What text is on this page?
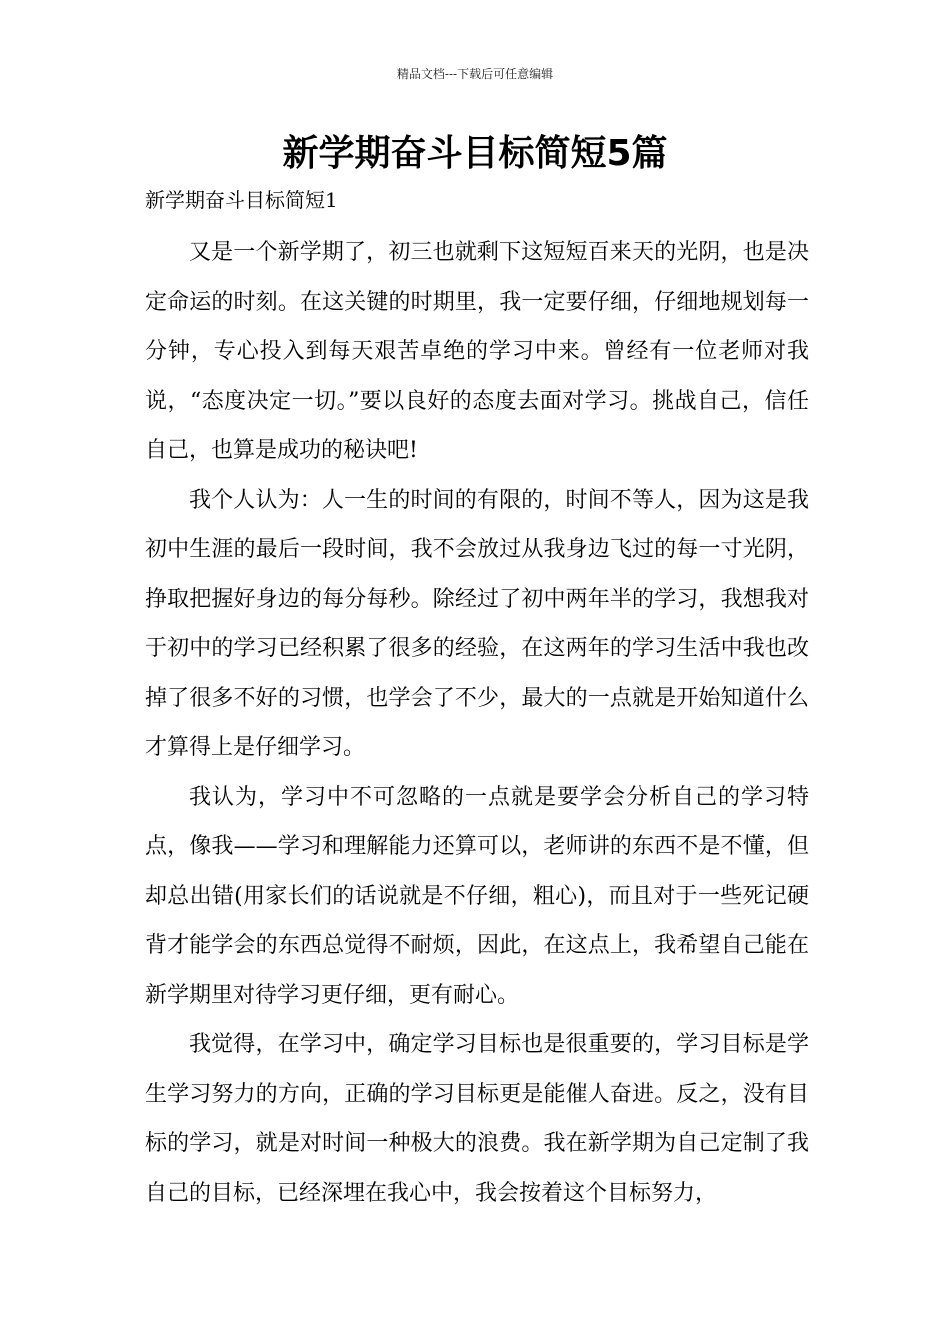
精品文档---下载后可任意编辑
新学期奋斗目标简短5篇

新学期奋斗目标简短1

又是一个新学期了，初三也就剩下这短短百来天的光阴，也是决定命运的时刻。在这关键的时期里，我一定要仔细，仔细地规划每一分钟，专心投入到每天艰苦卓绝的学习中来。曾经有一位老师对我说，“态度决定一切。”要以良好的态度去面对学习。挑战自己，信任自己，也算是成功的秘诀吧!

我个人认为：人一生的时间的有限的，时间不等人，因为这是我初中生涯的最后一段时间，我不会放过从我身边飞过的每一寸光阴，挣取把握好身边的每分每秒。除经过了初中两年半的学习，我想我对于初中的学习已经积累了很多的经验，在这两年的学习生活中我也改掉了很多不好的习惯，也学会了不少，最大的一点就是开始知道什么才算得上是仔细学习。

我认为，学习中不可忽略的一点就是要学会分析自己的学习特点，像我——学习和理解能力还算可以，老师讲的东西不是不懂，但却总出错(用家长们的话说就是不仔细，粗心)，而且对于一些死记硬背才能学会的东西总觉得不耐烦，因此，在这点上，我希望自己能在新学期里对待学习更仔细，更有耐心。

我觉得，在学习中，确定学习目标也是很重要的，学习目标是学生学习努力的方向，正确的学习目标更是能催人奋进。反之，没有目标的学习，就是对时间一种极大的浪费。我在新学期为自己定制了我自己的目标，已经深埋在我心中，我会按着这个目标努力，
